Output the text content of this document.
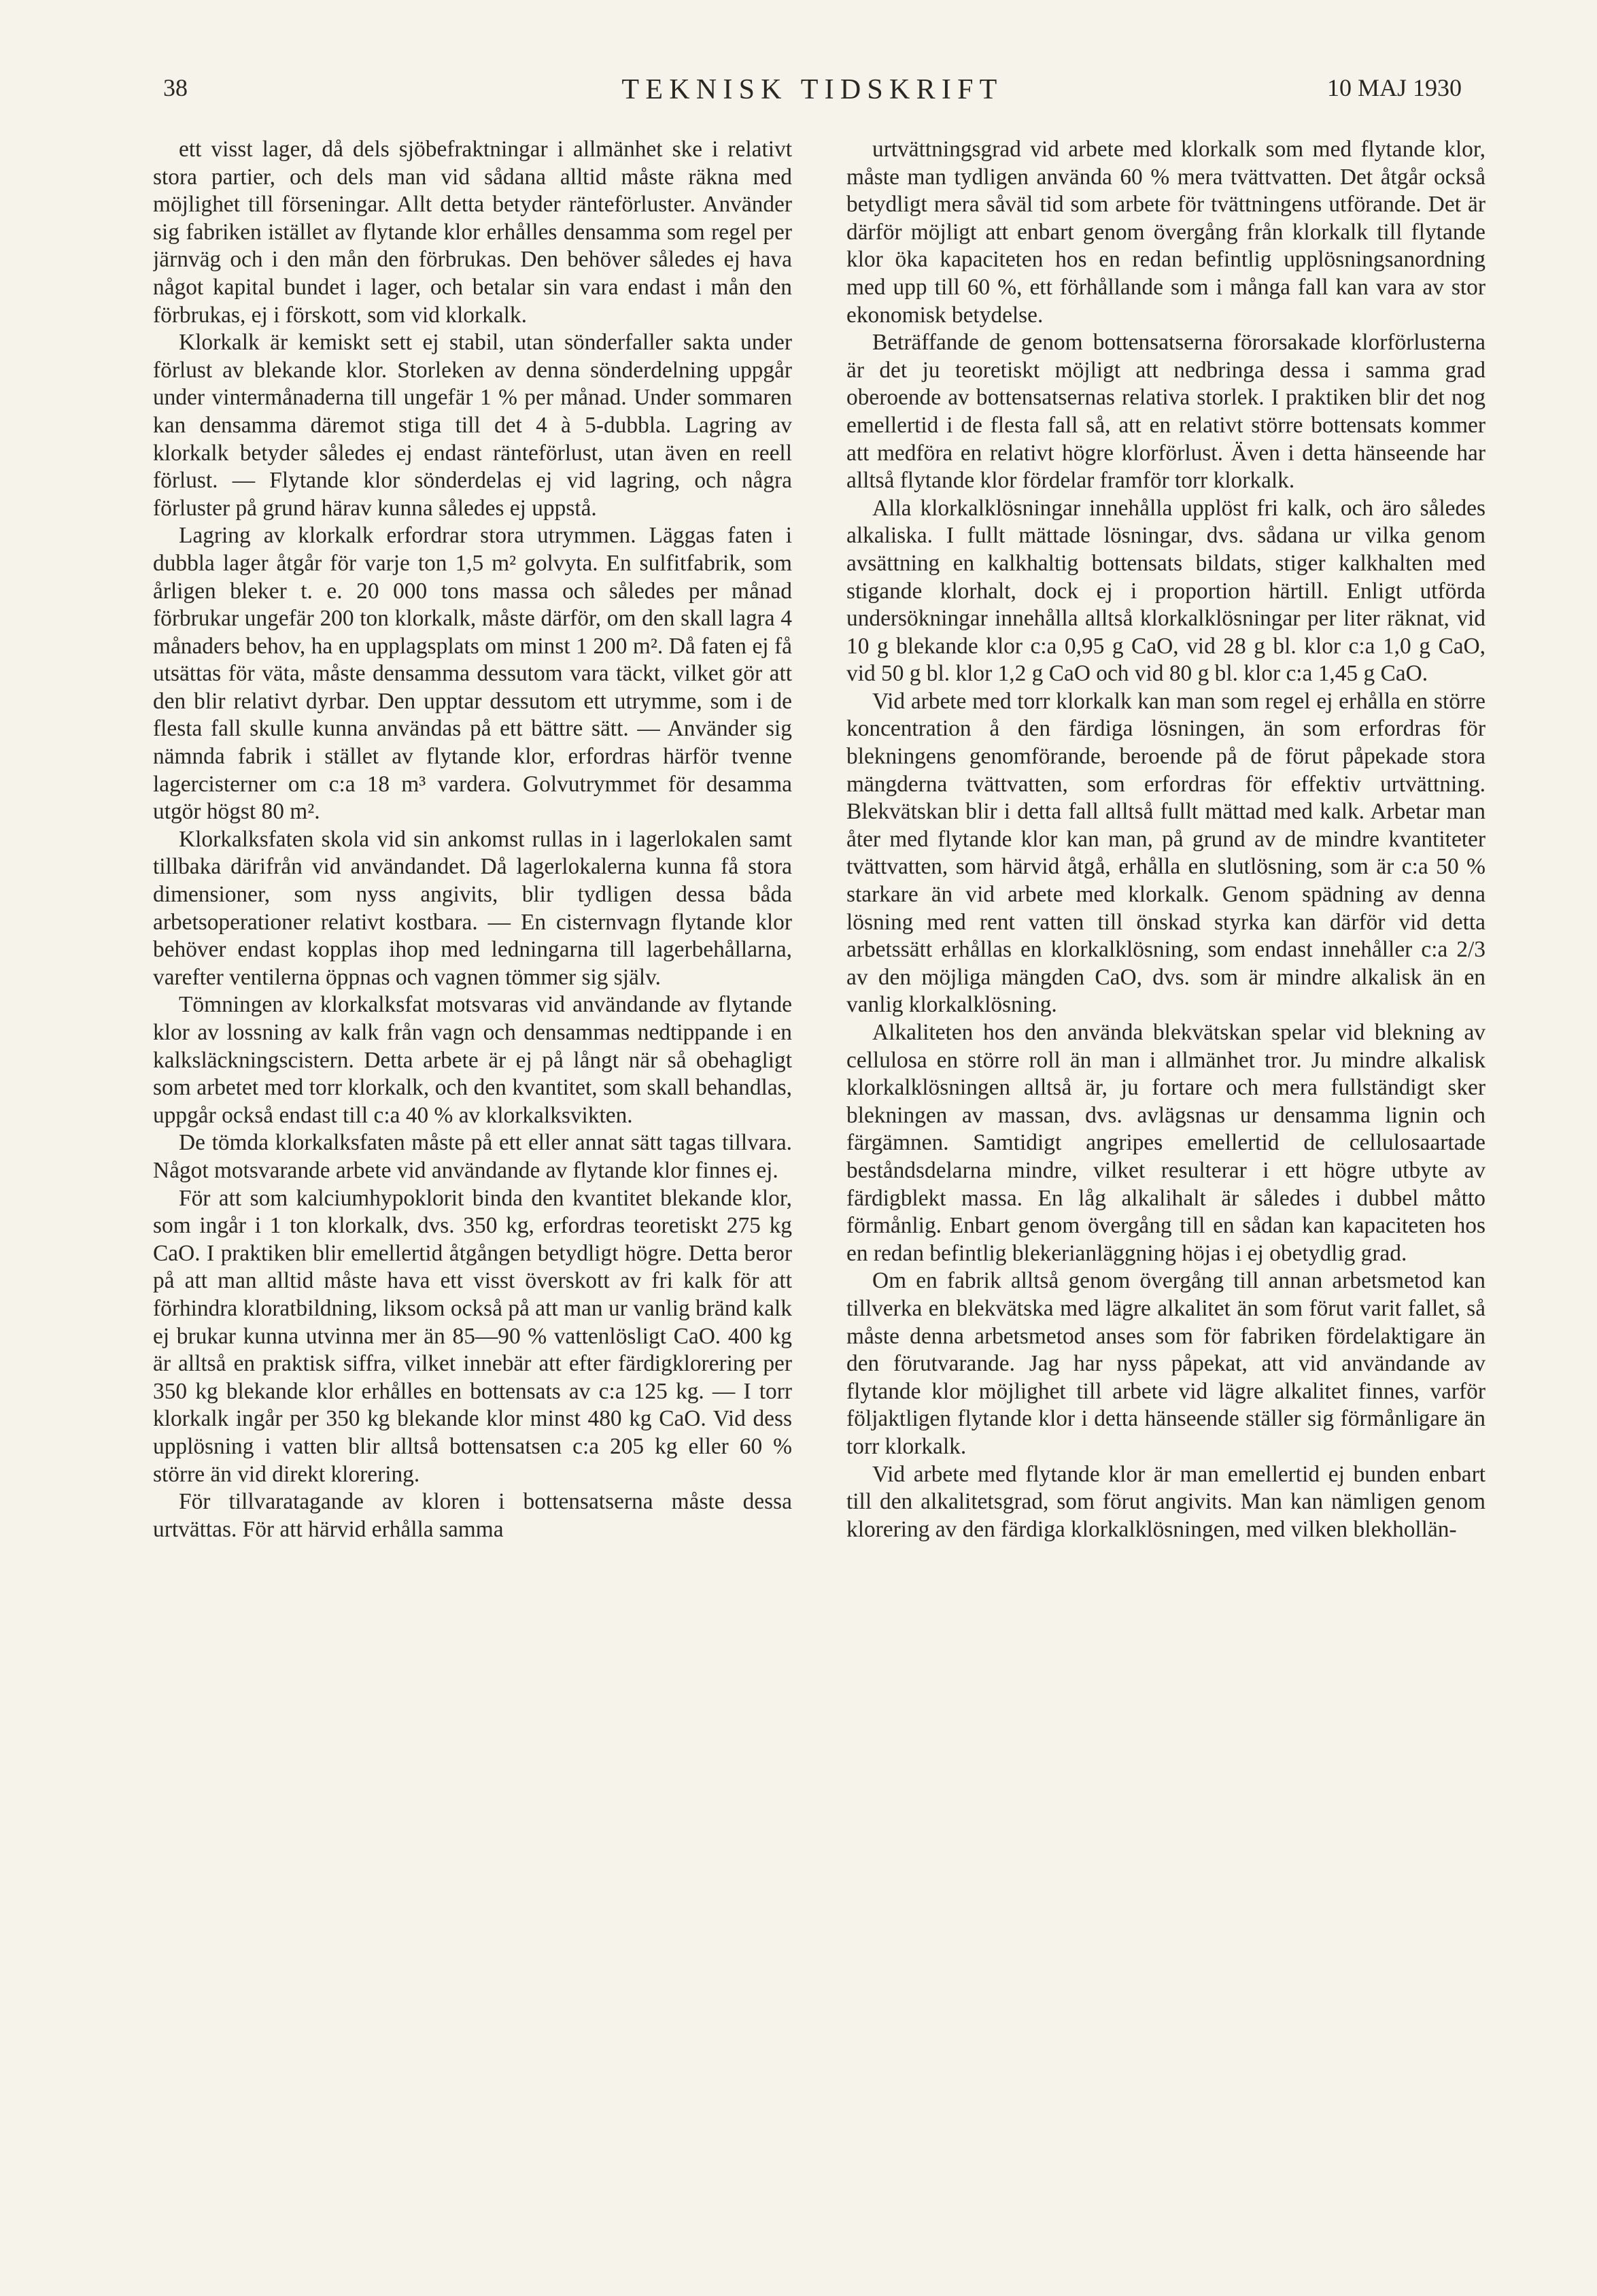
38	TEKNISK TIDSKRIFT	10 MAJ 1930

ett visst lager, då dels sjöbefraktningar i allmänhet ske i relativt stora partier, och dels man vid sådana alltid måste räkna med möjlighet till förseningar. Allt detta betyder ränteförluster. Använder sig fabriken istället av flytande klor erhålles densamma som regel per järnväg och i den mån den förbrukas. Den behöver således ej hava något kapital bundet i lager, och betalar sin vara endast i mån den förbrukas, ej i förskott, som vid klorkalk.

Klorkalk är kemiskt sett ej stabil, utan sönderfaller sakta under förlust av blekande klor. Storleken av denna sönderdelning uppgår under vintermånaderna till ungefär 1 % per månad. Under sommaren kan densamma däremot stiga till det 4 à 5-dubbla. Lagring av klorkalk betyder således ej endast ränteförlust, utan även en reell förlust. — Flytande klor sönderdelas ej vid lagring, och några förluster på grund härav kunna således ej uppstå.

Lagring av klorkalk erfordrar stora utrymmen. Läggas faten i dubbla lager åtgår för varje ton 1,5 m² golvyta. En sulfitfabrik, som årligen bleker t. e. 20 000 tons massa och således per månad förbrukar ungefär 200 ton klorkalk, måste därför, om den skall lagra 4 månaders behov, ha en upplagsplats om minst 1 200 m². Då faten ej få utsättas för väta, måste densamma dessutom vara täckt, vilket gör att den blir relativt dyrbar. Den upptar dessutom ett utrymme, som i de flesta fall skulle kunna användas på ett bättre sätt. — Använder sig nämnda fabrik i stället av flytande klor, erfordras härför tvenne lagercisterner om c:a 18 m³ vardera. Golvutrymmet för desamma utgör högst 80 m².

Klorkalksfaten skola vid sin ankomst rullas in i lagerlokalen samt tillbaka därifrån vid användandet. Då lagerlokalerna kunna få stora dimensioner, som nyss angivits, blir tydligen dessa båda arbetsoperationer relativt kostbara. — En cisternvagn flytande klor behöver endast kopplas ihop med ledningarna till lagerbehållarna, varefter ventilerna öppnas och vagnen tömmer sig själv.

Tömningen av klorkalksfat motsvaras vid användande av flytande klor av lossning av kalk från vagn och densammas nedtippande i en kalksläckningscistern. Detta arbete är ej på långt när så obehagligt som arbetet med torr klorkalk, och den kvantitet, som skall behandlas, uppgår också endast till c:a 40 % av klorkalksvikten.

De tömda klorkalksfaten måste på ett eller annat sätt tagas tillvara. Något motsvarande arbete vid användande av flytande klor finnes ej.

För att som kalciumhypoklorit binda den kvantitet blekande klor, som ingår i 1 ton klorkalk, dvs. 350 kg, erfordras teoretiskt 275 kg CaO. I praktiken blir emellertid åtgången betydligt högre. Detta beror på att man alltid måste hava ett visst överskott av fri kalk för att förhindra kloratbildning, liksom också på att man ur vanlig bränd kalk ej brukar kunna utvinna mer än 85—90 % vattenlösligt CaO. 400 kg är alltså en praktisk siffra, vilket innebär att efter färdigklorering per 350 kg blekande klor erhålles en bottensats av c:a 125 kg. — I torr klorkalk ingår per 350 kg blekande klor minst 480 kg CaO. Vid dess upplösning i vatten blir alltså bottensatsen c:a 205 kg eller 60 % större än vid direkt klorering.

För tillvaratagande av kloren i bottensatserna måste dessa urtvättas. För att härvid erhålla samma

urtvättningsgrad vid arbete med klorkalk som med flytande klor, måste man tydligen använda 60 % mera tvättvatten. Det åtgår också betydligt mera såväl tid som arbete för tvättningens utförande. Det är därför möjligt att enbart genom övergång från klorkalk till flytande klor öka kapaciteten hos en redan befintlig upplösningsanordning med upp till 60 %, ett förhållande som i många fall kan vara av stor ekonomisk betydelse.

Beträffande de genom bottensatserna förorsakade klorförlusterna är det ju teoretiskt möjligt att nedbringa dessa i samma grad oberoende av bottensatsernas relativa storlek. I praktiken blir det nog emellertid i de flesta fall så, att en relativt större bottensats kommer att medföra en relativt högre klorförlust. Även i detta hänseende har alltså flytande klor fördelar framför torr klorkalk.

Alla klorkalklösningar innehålla upplöst fri kalk, och äro således alkaliska. I fullt mättade lösningar, dvs. sådana ur vilka genom avsättning en kalkhaltig bottensats bildats, stiger kalkhalten med stigande klorhalt, dock ej i proportion härtill. Enligt utförda undersökningar innehålla alltså klorkalklösningar per liter räknat, vid 10 g blekande klor c:a 0,95 g CaO, vid 28 g bl. klor c:a 1,0 g CaO, vid 50 g bl. klor 1,2 g CaO och vid 80 g bl. klor c:a 1,45 g CaO.

Vid arbete med torr klorkalk kan man som regel ej erhålla en större koncentration å den färdiga lösningen, än som erfordras för blekningens genomförande, beroende på de förut påpekade stora mängderna tvättvatten, som erfordras för effektiv urtvättning. Blekvätskan blir i detta fall alltså fullt mättad med kalk. Arbetar man åter med flytande klor kan man, på grund av de mindre kvantiteter tvättvatten, som härvid åtgå, erhålla en slutlösning, som är c:a 50 % starkare än vid arbete med klorkalk. Genom spädning av denna lösning med rent vatten till önskad styrka kan därför vid detta arbetssätt erhållas en klorkalklösning, som endast innehåller c:a 2/3 av den möjliga mängden CaO, dvs. som är mindre alkalisk än en vanlig klorkalklösning.

Alkaliteten hos den använda blekvätskan spelar vid blekning av cellulosa en större roll än man i allmänhet tror. Ju mindre alkalisk klorkalklösningen alltså är, ju fortare och mera fullständigt sker blekningen av massan, dvs. avlägsnas ur densamma lignin och färgämnen. Samtidigt angripes emellertid de cellulosaartade beståndsdelarna mindre, vilket resulterar i ett högre utbyte av färdigblekt massa. En låg alkalihalt är således i dubbel måtto förmånlig. Enbart genom övergång till en sådan kan kapaciteten hos en redan befintlig blekerianläggning höjas i ej obetydlig grad.

Om en fabrik alltså genom övergång till annan arbetsmetod kan tillverka en blekvätska med lägre alkalitet än som förut varit fallet, så måste denna arbetsmetod anses som för fabriken fördelaktigare än den förutvarande. Jag har nyss påpekat, att vid användande av flytande klor möjlighet till arbete vid lägre alkalitet finnes, varför följaktligen flytande klor i detta hänseende ställer sig förmånligare än torr klorkalk.

Vid arbete med flytande klor är man emellertid ej bunden enbart till den alkalitetsgrad, som förut angivits. Man kan nämligen genom klorering av den färdiga klorkalklösningen, med vilken blekhollän-
